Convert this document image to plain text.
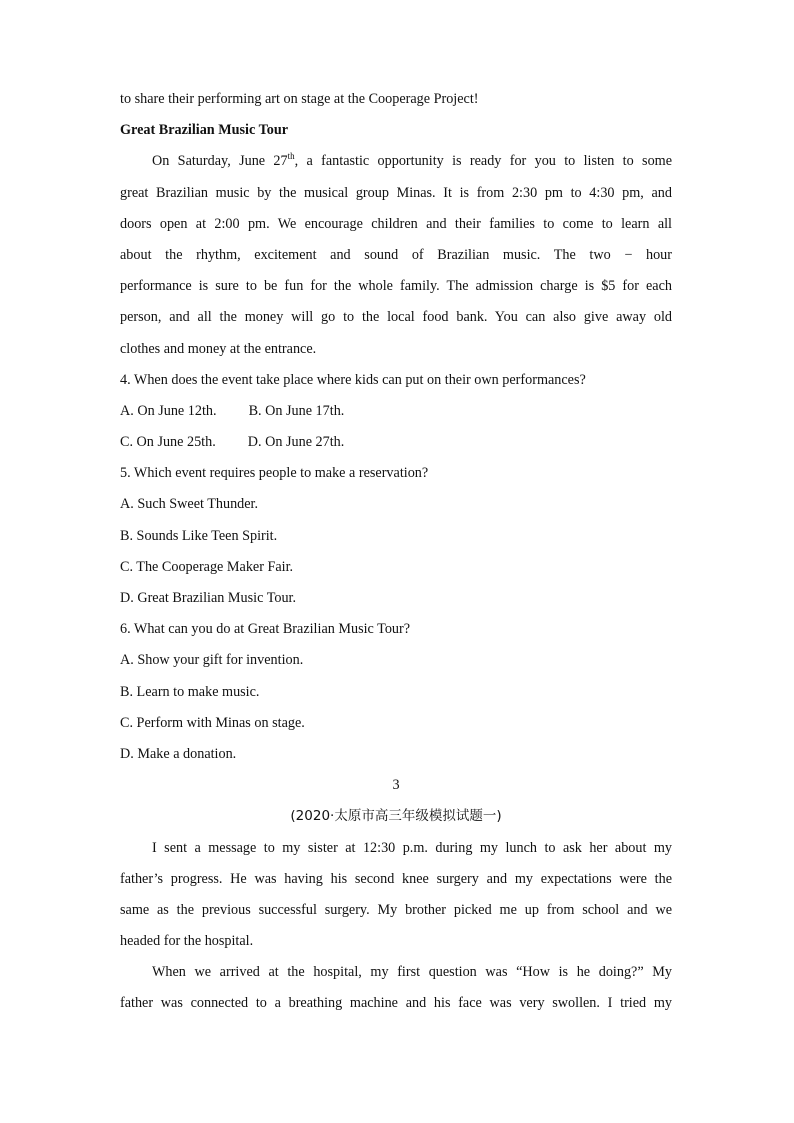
to share their performing art on stage at the Cooperage Project!
Great Brazilian Music Tour
On Saturday, June 27th, a fantastic opportunity is ready for you to listen to some
great Brazilian music by the musical group Minas. It is from 2:30 pm to 4:30 pm, and
doors open at 2:00 pm. We encourage children and their families to come to learn all
about the rhythm, excitement and sound of Brazilian music. The two − hour
performance is sure to be fun for the whole family. The admission charge is $5 for each
person, and all the money will go to the local food bank. You can also give away old
clothes and money at the entrance.
4. When does the event take place where kids can put on their own performances?
A. On June 12th. B. On June 17th.
C. On June 25th. D. On June 27th.
5. Which event requires people to make a reservation?
A. Such Sweet Thunder.
B. Sounds Like Teen Spirit.
C. The Cooperage Maker Fair.
D. Great Brazilian Music Tour.
6. What can you do at Great Brazilian Music Tour?
A. Show your gift for invention.
B. Learn to make music.
C. Perform with Minas on stage.
D. Make a donation.
3
(2020·太原市高三年级模拟试题一)
I sent a message to my sister at 12:30 p.m. during my lunch to ask her about my
father’s progress. He was having his second knee surgery and my expectations were the
same as the previous successful surgery. My brother picked me up from school and we
headed for the hospital.
When we arrived at the hospital, my first question was “How is he doing?” My
father was connected to a breathing machine and his face was very swollen. I tried my
